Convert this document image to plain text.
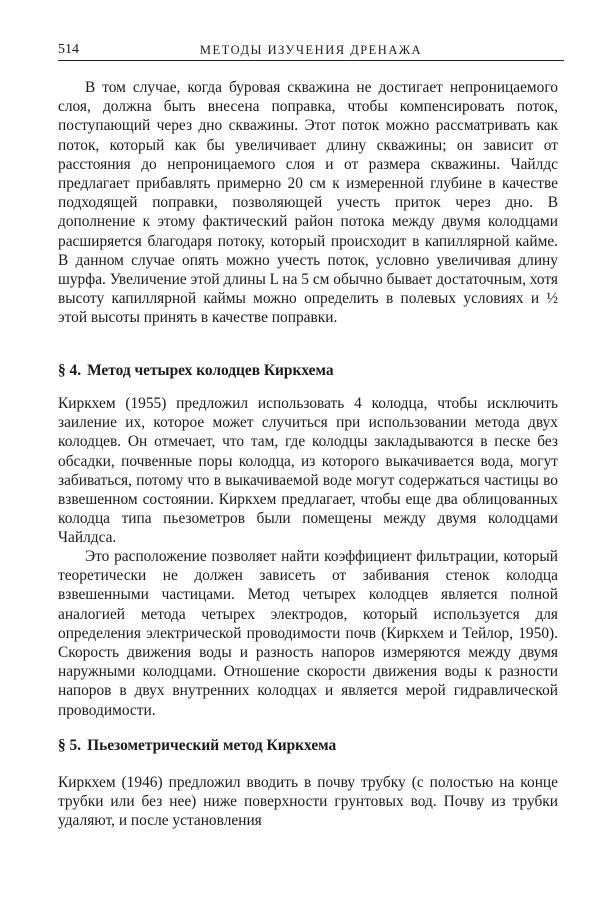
514	МЕТОДЫ ИЗУЧЕНИЯ ДРЕНАЖА

В том случае, когда буровая скважина не достигает непроницаемого слоя, должна быть внесена поправка, чтобы компенсировать поток, поступающий через дно скважины. Этот поток можно рассматривать как поток, который как бы увеличивает длину скважины; он зависит от расстояния до непроницаемого слоя и от размера скважины. Чайлдс предлагает прибавлять примерно 20 см к измеренной глубине в качестве подходящей поправки, позволяющей учесть приток через дно. В дополнение к этому фактический район потока между двумя колодцами расширяется благодаря потоку, который происходит в капиллярной кайме. В данном случае опять можно учесть поток, условно увеличивая длину шурфа. Увеличение этой длины L на 5 см обычно бывает достаточным, хотя высоту капиллярной каймы можно определить в полевых условиях и ½ этой высоты принять в качестве поправки.

§ 4. Метод четырех колодцев Киркхема

Киркхем (1955) предложил использовать 4 колодца, чтобы исключить заиление их, которое может случиться при использовании метода двух колодцев. Он отмечает, что там, где колодцы закладываются в песке без обсадки, почвенные поры колодца, из которого выкачивается вода, могут забиваться, потому что в выкачиваемой воде могут содержаться частицы во взвешенном состоянии. Киркхем предлагает, чтобы еще два облицованных колодца типа пьезометров были помещены между двумя колодцами Чайлдса.

Это расположение позволяет найти коэффициент фильтрации, который теоретически не должен зависеть от забивания стенок колодца взвешенными частицами. Метод четырех колодцев является полной аналогией метода четырех электродов, который используется для определения электрической проводимости почв (Киркхем и Тейлор, 1950). Скорость движения воды и разность напоров измеряются между двумя наружными колодцами. Отношение скорости движения воды к разности напоров в двух внутренних колодцах и является мерой гидравлической проводимости.

§ 5. Пьезометрический метод Киркхема

Киркхем (1946) предложил вводить в почву трубку (с полостью на конце трубки или без нее) ниже поверхности грунтовых вод. Почву из трубки удаляют, и после установления
